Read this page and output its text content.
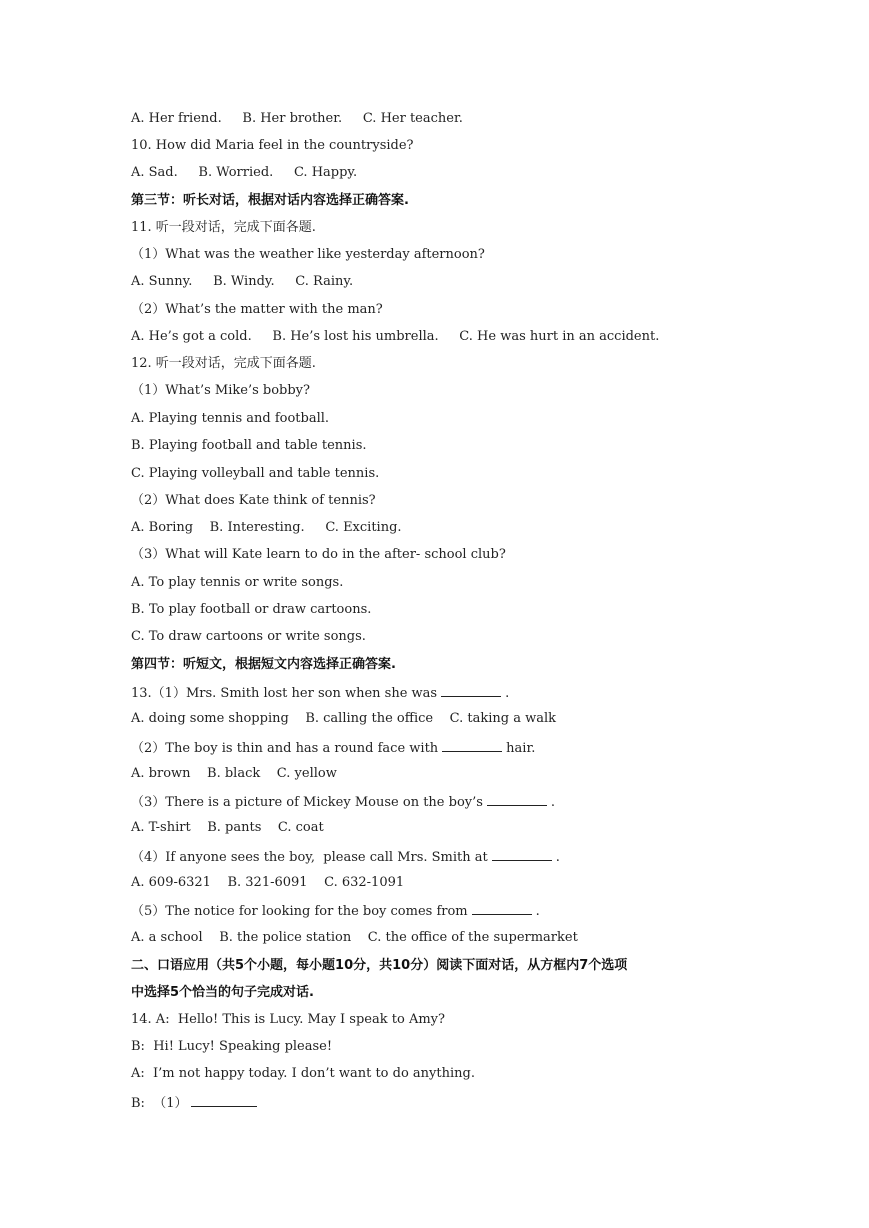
A. Her friend.     B. Her brother.     C. Her teacher.
10. How did Maria feel in the countryside?
A. Sad.     B. Worried.     C. Happy.
第三节：听长对话，根据对话内容选择正确答案.
11. 听一段对话，完成下面各题.
（1）What was the weather like yesterday afternoon?
A. Sunny.     B. Windy.     C. Rainy.
（2）What’s the matter with the man?
A. He’s got a cold.     B. He’s lost his umbrella.     C. He was hurt in an accident.
12. 听一段对话，完成下面各题.
（1）What’s Mike’s bobby?
A. Playing tennis and football.
B. Playing football and table tennis.
C. Playing volleyball and table tennis.
（2）What does Kate think of tennis?
A. Boring    B. Interesting.     C. Exciting.
（3）What will Kate learn to do in the after- school club?
A. To play tennis or write songs.
B. To play football or draw cartoons.
C. To draw cartoons or write songs.
第四节：听短文，根据短文内容选择正确答案.
13.（1）Mrs. Smith lost her son when she was	.
A. doing some shopping    B. calling the office    C. taking a walk
（2）The boy is thin and has a round face with	hair.
A. brown    B. black    C. yellow
（3）There is a picture of Mickey Mouse on the boy’s	.
A. T-shirt    B. pants    C. coat
（4）If anyone sees the boy,  please call Mrs. Smith at	.
A. 609-6321    B. 321-6091    C. 632-1091
（5）The notice for looking for the boy comes from	.
A. a school    B. the police station    C. the office of the supermarket
二、口语应用（共5个小题，每小题10分，共10分）阅读下面对话，从方框内7个选项
中选择5个恰当的句子完成对话.
14. A:  Hello! This is Lucy. May I speak to Amy?
B:  Hi! Lucy! Speaking please!
A:  I’m not happy today. I don’t want to do anything.
B:  （1）
